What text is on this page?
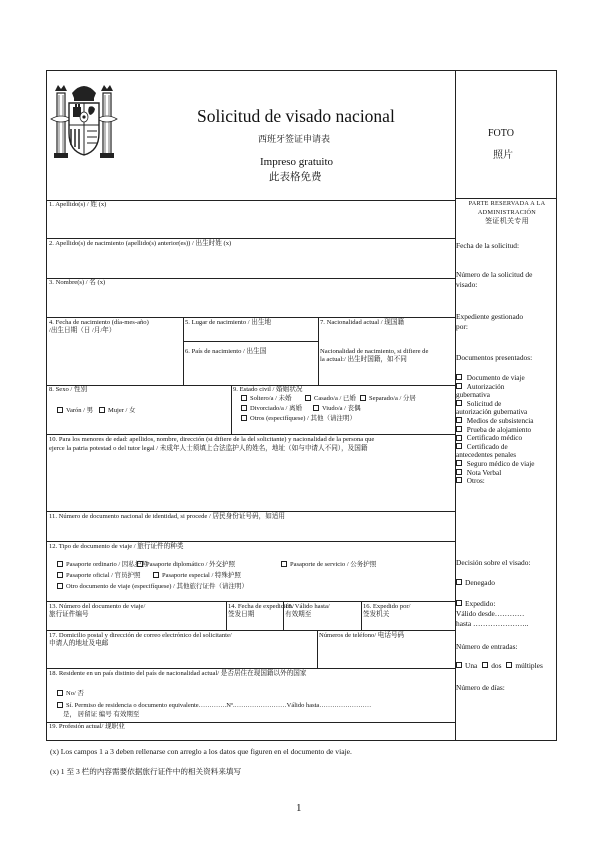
Solicitud de visado nacional
西班牙签证申请表
Impreso gratuito
此表格免费
FOTO
照片
1. Apellido(s) / 姓 (x)
2. Apellido(s) de nacimiento (apellido(s) anterior(es)) / 出生时姓 (x)
3. Nombre(s) / 名 (x)
4. Fecha de nacimiento (día-mes-año)
/出生日期（日 /月/年）
5. Lugar de nacimiento / 出生地
6. País de nacimiento / 出生国
7. Nacionalidad actual / 现国籍
Nacionalidad de nacimiento, si difiere de
la actual:/ 出生时国籍，如不同
8. Sexo / 性别
Varón / 男	Mujer / 女
9. Estado civil / 婚姻状况
Soltero/a / 未婚	Casado/a / 已婚	Separado/a / 分居
Divorciado/a / 离婚	Viudo/a / 丧偶
Otros (especifíquese) / 其他（请注明）
10. Para los menores de edad: apellidos, nombre, dirección (si difiere de la del solicitante) y nacionalidad de la persona que
ejerce la patria potestad o del tutor legal / 未成年人士须填上合法监护人的姓名，地址（如与申请人不同），及国籍
11. Número de documento nacional de identidad, si procede / 居民身份证号码，如适用
12. Tipo de documento de viaje / 旅行证件的种类
Pasaporte ordinario / 因私护照
Pasaporte diplomático / 外交护照	Pasaporte de servicio / 公务护照
Pasaporte oficial / 官员护照	Pasaporte especial / 特殊护照
Otro documento de viaje (especifíquese) / 其他旅行证件（请注明）
13. Número del documento de viaje/
旅行证件编号
14. Fecha de expedición/
签发日期
15. Válido hasta/
有效期至
16. Expedido por/
签发机关
17. Domicilio postal y dirección de correo electrónico del solicitante/
申请人的地址及电邮
Números de teléfono/ 电话号码
18. Residente en un país distinto del país de nacionalidad actual/ 是否居住在现国籍以外的国家
No/ 否
Sí. Permiso de residencia o documento equivalente………….Nº.……………………Válido hasta……………………
是， 居留证 编号 有效期至
19. Profesión actual/ 现职业
PARTE RESERVADA A LA
ADMINISTRACIÓN
签证机关专用
Fecha de la solicitud:
Número de la solicitud de
visado:
Expediente gestionado
por:
Documentos presentados:
Documento de viaje
Autorización
gubernativa
Solicitud de
autorización gubernativa
Medios de subsistencia
Prueba de alojamiento
Certificado médico
Certificado de
antecedentes penales
Seguro médico de viaje
Nota Verbal
Otros:
Decisión sobre el visado:
Denegado
Expedido:
Válido desde…………
hasta …………………..
Número de entradas:
Una dos múltiples
Número de días:
(x) Los campos 1 a 3 deben rellenarse con arreglo a los datos que figuren en el documento de viaje.
(x) 1 至 3 栏的内容需要依据旅行证件中的相关资料来填写
1
